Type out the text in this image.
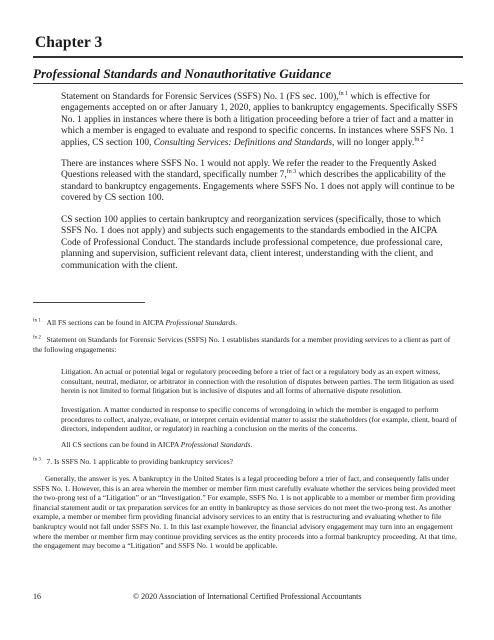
Chapter 3
Professional Standards and Nonauthoritative Guidance

Statement on Standards for Forensic Services (SSFS) No. 1 (FS sec. 100),$^{fn 1}$ which is effective for engagements accepted on or after January 1, 2020, applies to bankruptcy engagements. Specifically SSFS No. 1 applies in instances where there is both a litigation proceeding before a trier of fact and a matter in which a member is engaged to evaluate and respond to specific concerns. In instances where SSFS No. 1 applies, CS section 100, Consulting Services: Definitions and Standards, will no longer apply.$^{fn 2}$

There are instances where SSFS No. 1 would not apply. We refer the reader to the Frequently Asked Questions released with the standard, specifically number 7,$^{fn 3}$ which describes the applicability of the standard to bankruptcy engagements. Engagements where SSFS No. 1 does not apply will continue to be covered by CS section 100.

CS section 100 applies to certain bankruptcy and reorganization services (specifically, those to which SSFS No. 1 does not apply) and subjects such engagements to the standards embodied in the AICPA Code of Professional Conduct. The standards include professional competence, due professional care, planning and supervision, sufficient relevant data, client interest, understanding with the client, and communication with the client.

$^{fn 1}$ All FS sections can be found in AICPA Professional Standards.

$^{fn 2}$ Statement on Standards for Forensic Services (SSFS) No. 1 establishes standards for a member providing services to a client as part of the following engagements:

Litigation. An actual or potential legal or regulatory proceeding before a trier of fact or a regulatory body as an expert witness, consultant, neutral, mediator, or arbitrator in connection with the resolution of disputes between parties. The term litigation as used herein is not limited to formal litigation but is inclusive of disputes and all forms of alternative dispute resolution.

Investigation. A matter conducted in response to specific concerns of wrongdoing in which the member is engaged to perform procedures to collect, analyze, evaluate, or interpret certain evidential matter to assist the stakeholders (for example, client, board of directors, independent auditor, or regulator) in reaching a conclusion on the merits of the concerns.

All CS sections can be found in AICPA Professional Standards.

$^{fn 3}$ 7. Is SSFS No. 1 applicable to providing bankruptcy services?

Generally, the answer is yes. A bankruptcy in the United States is a legal proceeding before a trier of fact, and consequently falls under SSFS No. 1. However, this is an area wherein the member or member firm must carefully evaluate whether the services being provided meet the two-prong test of a “Litigation” or an “Investigation.” For example, SSFS No. 1 is not applicable to a member or member firm providing financial statement audit or tax preparation services for an entity in bankruptcy as those services do not meet the two-prong test. As another example, a member or member firm providing financial advisory services to an entity that is restructuring and evaluating whether to file bankruptcy would not fall under SSFS No. 1. In this last example however, the financial advisory engagement may turn into an engagement where the member or member firm may continue providing services as the entity proceeds into a formal bankruptcy proceeding. At that time, the engagement may become a “Litigation” and SSFS No. 1 would be applicable.

16	© 2020 Association of International Certified Professional Accountants
